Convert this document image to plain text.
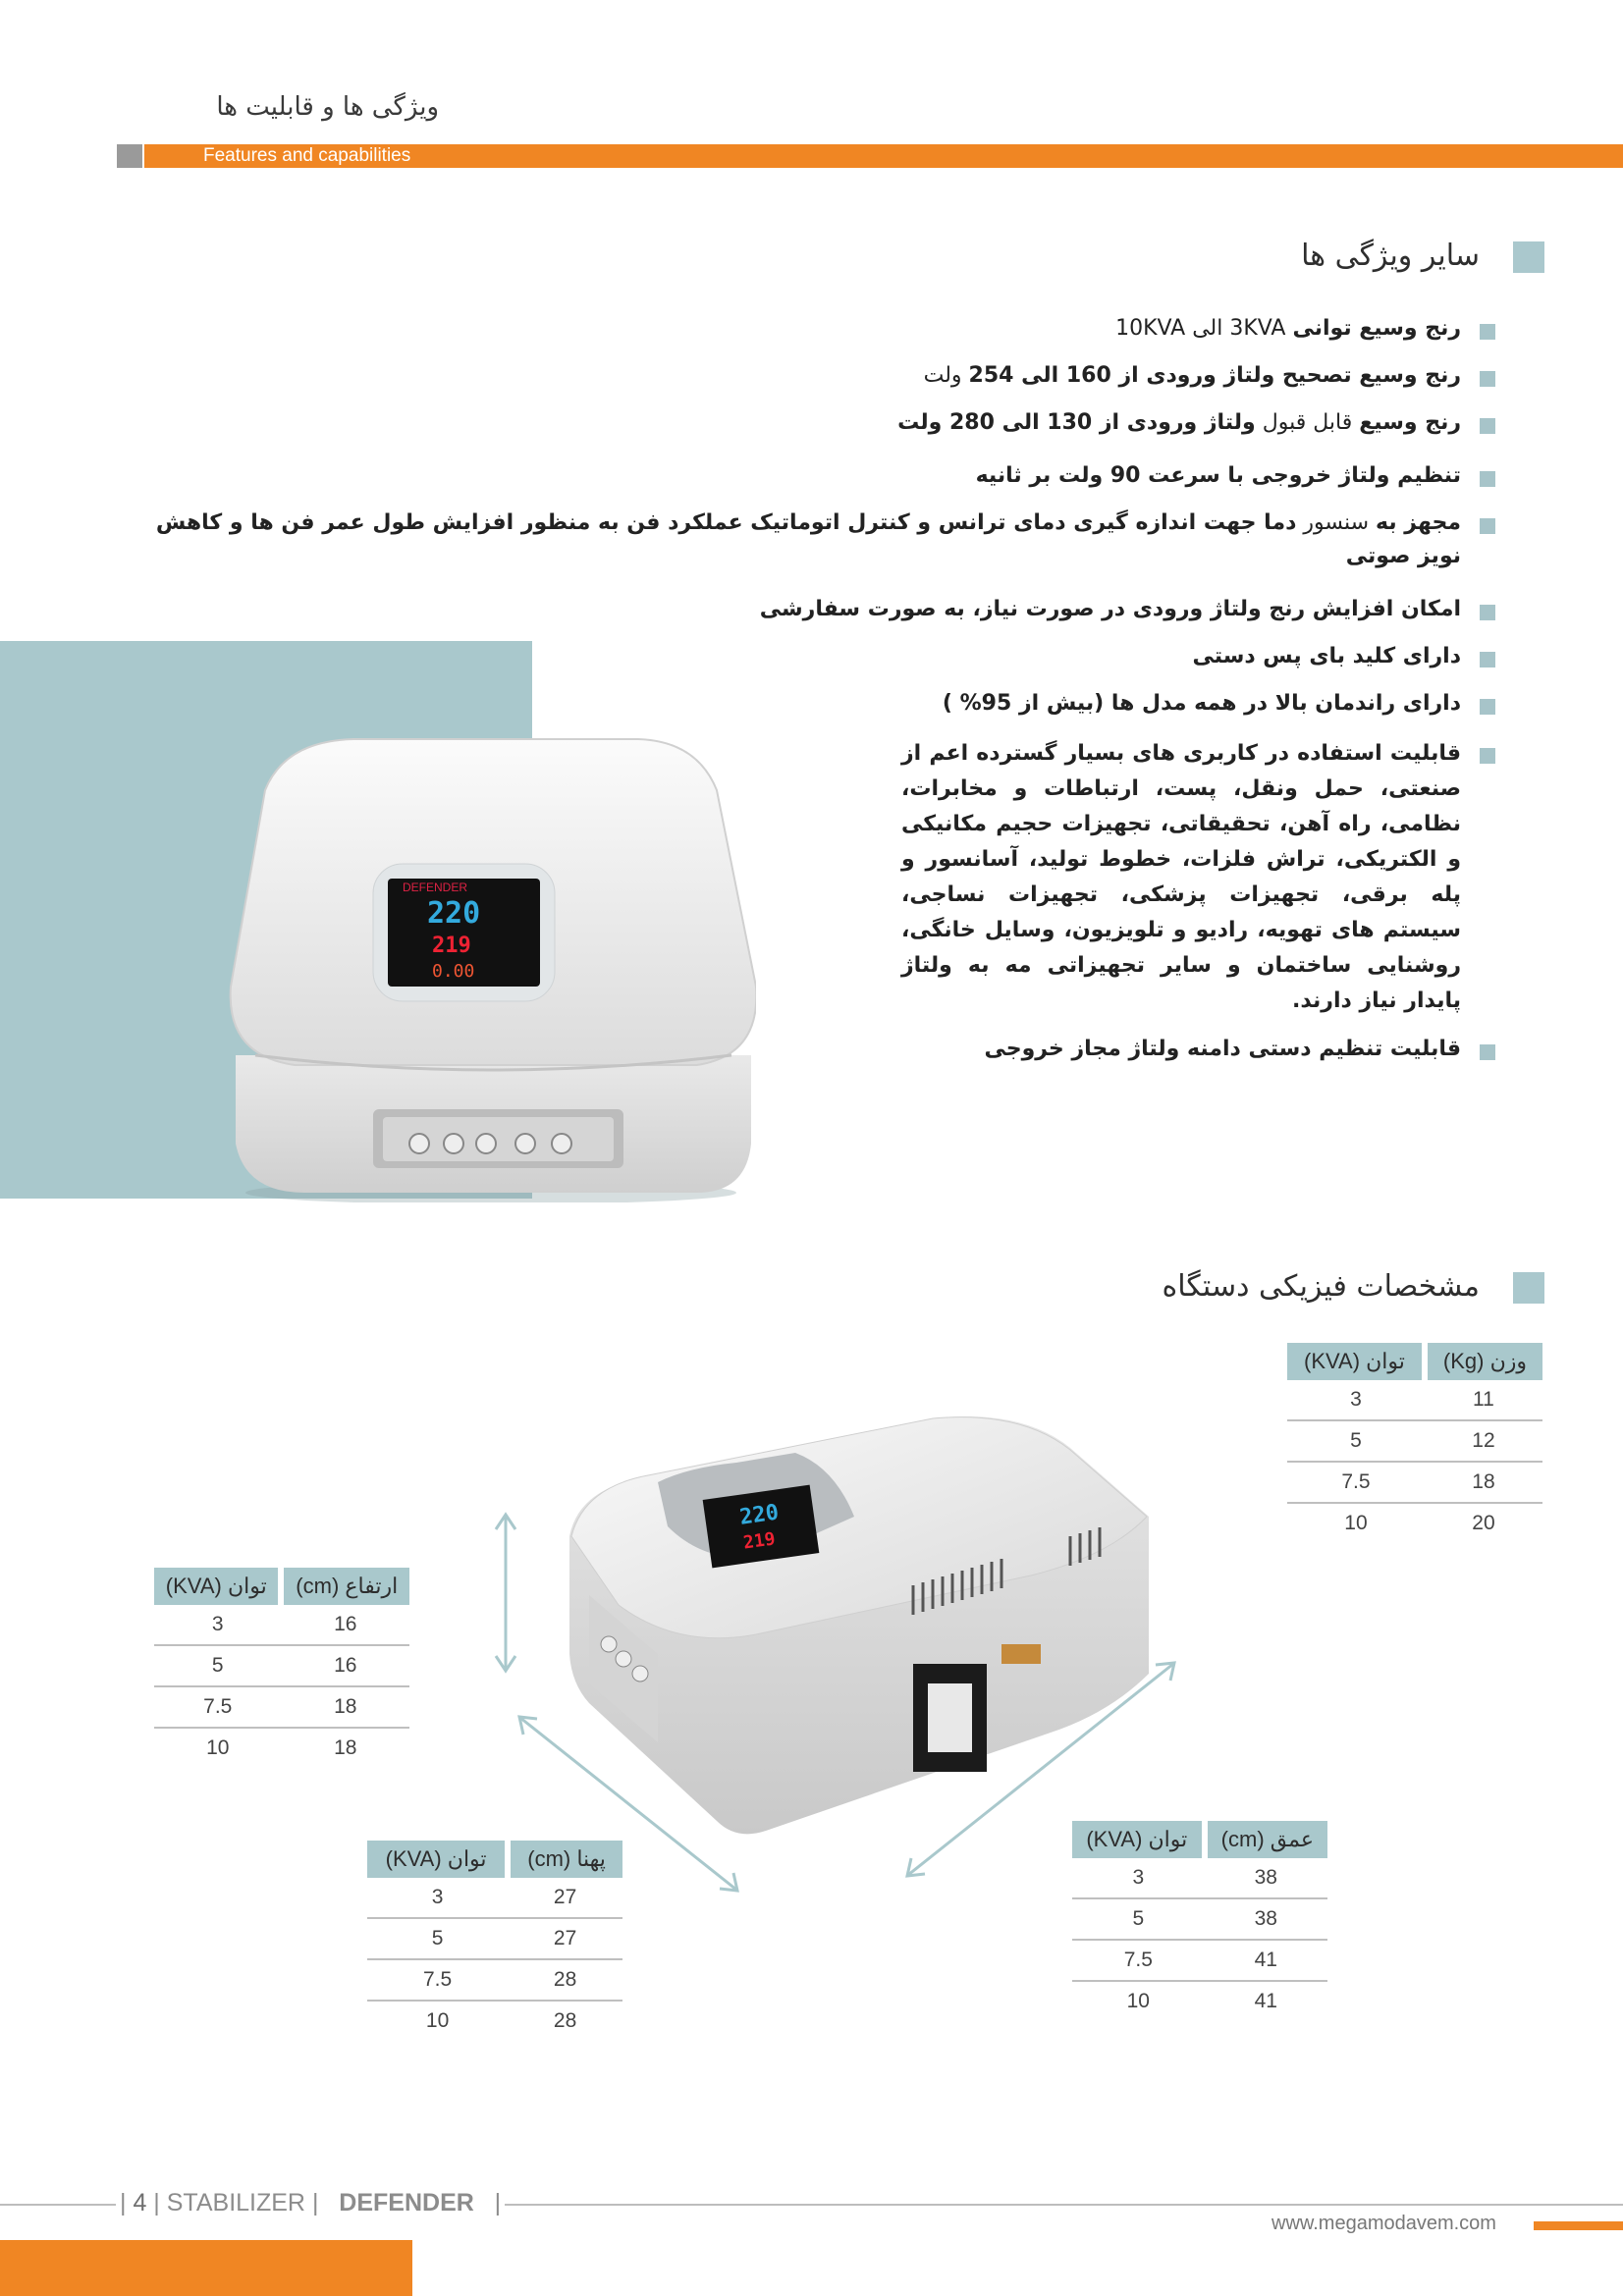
ویژگی ها و قابلیت ها
Features and capabilities
سایر ویژگی ها
رنج وسیع توانی 3KVA الی 10KVA
رنج وسیع تصحیح ولتاژ ورودی از 160 الی 254 ولت
رنج وسیع قابل قبول ولتاژ ورودی از 130 الی 280 ولت
تنظیم ولتاژ خروجی با سرعت 90 ولت بر ثانیه
مجهز به سنسور دما جهت اندازه گیری دمای ترانس و کنترل اتوماتیک عملکرد فن به منظور افزایش طول عمر فن ها و کاهش نویز صوتی
امکان افزایش رنج ولتاژ ورودی در صورت نیاز، به صورت سفارشی
دارای کلید بای پس دستی
دارای راندمان بالا در همه مدل ها (بیش از 95% )
قابلیت استفاده در کاربری های بسیار گسترده اعم از صنعتی، حمل ونقل، پست، ارتباطات و مخابرات، نظامی، راه آهن، تحقیقاتی، تجهیزات حجیم مکانیکی و الکتریکی، تراش فلزات، خطوط تولید، آسانسور و پله برقی، تجهیزات پزشکی، تجهیزات نساجی، سیستم های تهویه، رادیو و تلویزیون، وسایل خانگی، روشنایی ساختمان و سایر تجهیزاتی مه به ولتاژ پایدار نیاز دارند.
قابلیت تنظیم دستی دامنه ولتاژ مجاز خروجی
DEFENDER
220
219
0.00
مشخصات فیزیکی دستگاه
توان (KVA)	وزن (Kg)
3	11
5	12
7.5	18
10	20
توان (KVA)	ارتفاع (cm)
3	16
5	16
7.5	18
10	18
توان (KVA)	پهنا (cm)
3	27
5	27
7.5	28
10	28
توان (KVA)	عمق (cm)
3	38
5	38
7.5	41
10	41
220
219
| 4 | STABILIZER |   DEFENDER   |
www.megamodavem.com
